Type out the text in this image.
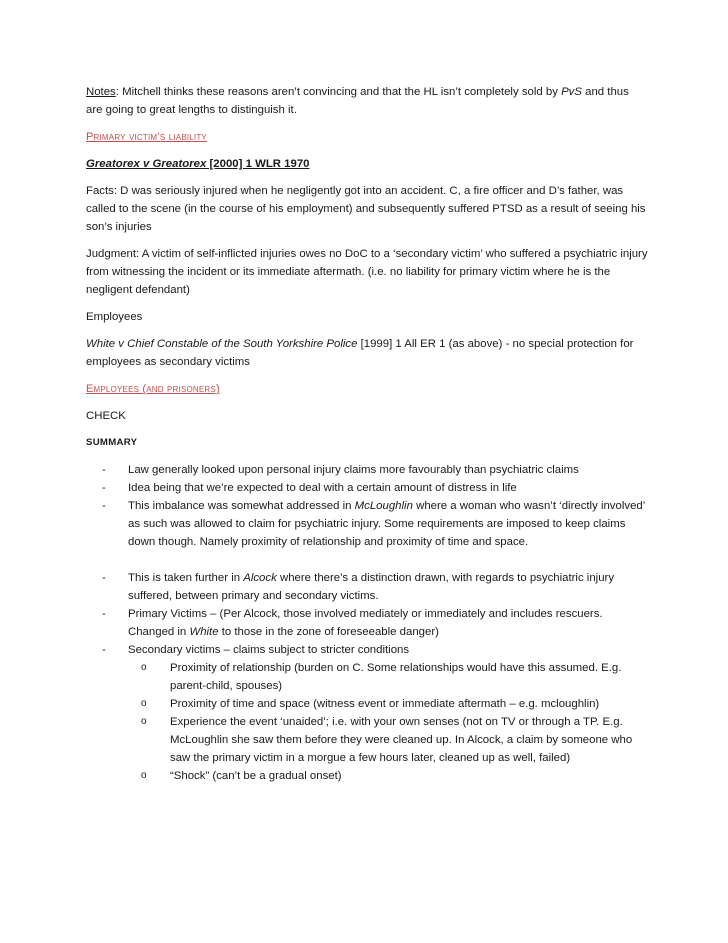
Notes: Mitchell thinks these reasons aren’t convincing and that the HL isn’t completely sold by PvS and thus are going to great lengths to distinguish it.

Primary victim’s liability

Greatorex v Greatorex [2000] 1 WLR 1970

Facts: D was seriously injured when he negligently got into an accident. C, a fire officer and D’s father, was called to the scene (in the course of his employment) and subsequently suffered PTSD as a result of seeing his son’s injuries

Judgment: A victim of self-inflicted injuries owes no DoC to a ‘secondary victim’ who suffered a psychiatric injury from witnessing the incident or its immediate aftermath. (i.e. no liability for primary victim where he is the negligent defendant)

Employees

White v Chief Constable of the South Yorkshire Police [1999] 1 All ER 1 (as above) - no special protection for employees as secondary victims

Employees (and prisoners)

CHECK

SUMMARY

- Law generally looked upon personal injury claims more favourably than psychiatric claims
- Idea being that we’re expected to deal with a certain amount of distress in life
- This imbalance was somewhat addressed in McLoughlin where a woman who wasn’t ‘directly involved’ as such was allowed to claim for psychiatric injury. Some requirements are imposed to keep claims down though. Namely proximity of relationship and proximity of time and space.
- This is taken further in Alcock where there’s a distinction drawn, with regards to psychiatric injury suffered, between primary and secondary victims.
- Primary Victims – (Per Alcock, those involved mediately or immediately and includes rescuers. Changed in White to those in the zone of foreseeable danger)
- Secondary victims – claims subject to stricter conditions
o Proximity of relationship (burden on C. Some relationships would have this assumed. E.g. parent-child, spouses)
o Proximity of time and space (witness event or immediate aftermath – e.g. mcloughlin)
o Experience the event ‘unaided’; i.e. with your own senses (not on TV or through a TP. E.g. McLoughlin she saw them before they were cleaned up. In Alcock, a claim by someone who saw the primary victim in a morgue a few hours later, cleaned up as well, failed)
o “Shock” (can’t be a gradual onset)
